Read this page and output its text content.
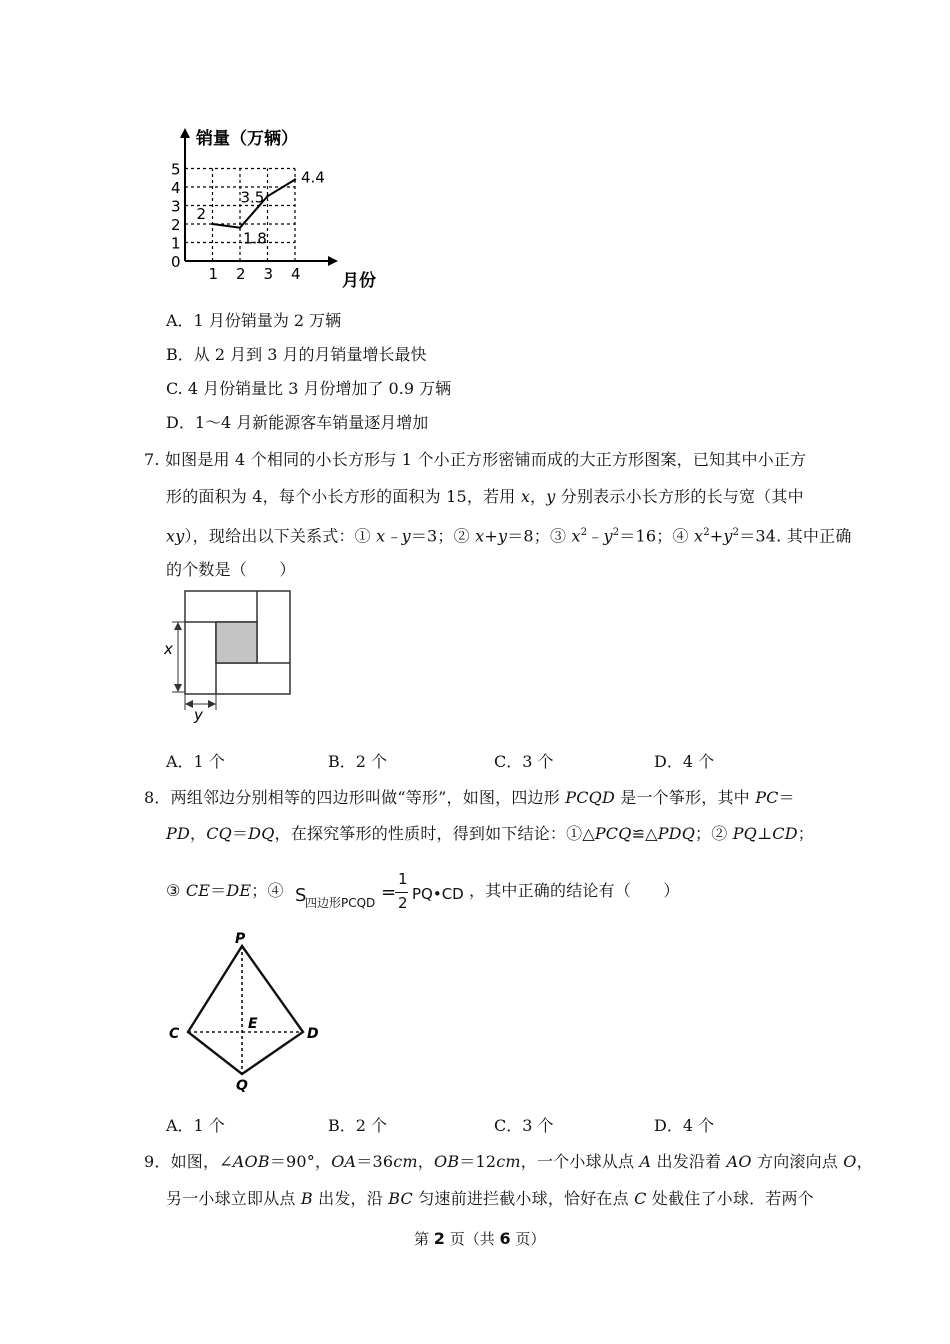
销量（万辆）
月份
0
1
2
3
4
5
1 2 3 4
2
1.8
3.5
4.4
A．1 月份销量为 2 万辆
B．从 2 月到 3 月的月销量增长最快
C. 4 月份销量比 3 月份增加了 0.9 万辆
D．1～4 月新能源客车销量逐月增加
7. 如图是用 4 个相同的小长方形与 1 个小正方形密铺而成的大正方形图案，已知其中小正方
形的面积为 4，每个小长方形的面积为 15，若用 x，y 分别表示小长方形的长与宽（其中
xy），现给出以下关系式：① x﹣y＝3；② x+y＝8；③ $x^2﹣y^2=16$；④ $x^2+y^2=34$. 其中正确
的个数是（　　）
x
y
A．1 个	B．2 个	C．3 个	D．4 个
8．两组邻边分别相等的四边形叫做“等形”，如图，四边形 PCQD 是一个筝形，其中 PC＝
PD，CQ＝DQ，在探究筝形的性质时，得到如下结论：①△PCQ≌△PDQ；② PQ⊥CD；
③ CE＝DE；④ S
四边形PCQD =
1
2 PQ•CD ，其中正确的结论有（　　）
P
C	D
E
Q
A．1 个	B．2 个	C．3 个	D．4 个
9．如图，∠AOB＝90°，OA＝36cm，OB＝12cm，一个小球从点 A 出发沿着 AO 方向滚向点 O，
另一小球立即从点 B 出发，沿 BC 匀速前进拦截小球，恰好在点 C 处截住了小球．若两个
第 2 页（共 6 页）
